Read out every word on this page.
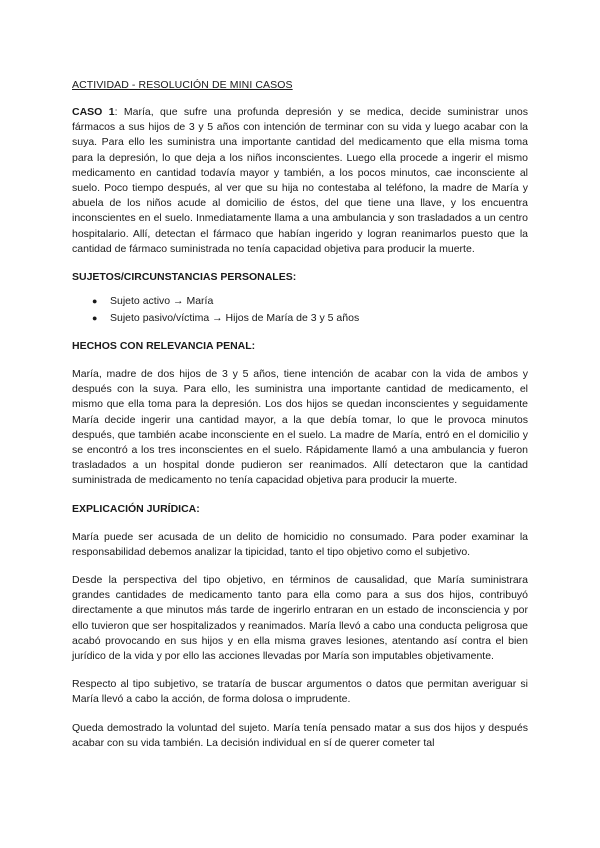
ACTIVIDAD - RESOLUCIÓN DE MINI CASOS

CASO 1: María, que sufre una profunda depresión y se medica, decide suministrar unos fármacos a sus hijos de 3 y 5 años con intención de terminar con su vida y luego acabar con la suya. Para ello les suministra una importante cantidad del medicamento que ella misma toma para la depresión, lo que deja a los niños inconscientes. Luego ella procede a ingerir el mismo medicamento en cantidad todavía mayor y también, a los pocos minutos, cae inconsciente al suelo. Poco tiempo después, al ver que su hija no contestaba al teléfono, la madre de María y abuela de los niños acude al domicilio de éstos, del que tiene una llave, y los encuentra inconscientes en el suelo. Inmediatamente llama a una ambulancia y son trasladados a un centro hospitalario. Allí, detectan el fármaco que habían ingerido y logran reanimarlos puesto que la cantidad de fármaco suministrada no tenía capacidad objetiva para producir la muerte.

SUJETOS/CIRCUNSTANCIAS PERSONALES:
● Sujeto activo → María
● Sujeto pasivo/víctima → Hijos de María de 3 y 5 años
HECHOS CON RELEVANCIA PENAL:

María, madre de dos hijos de 3 y 5 años, tiene intención de acabar con la vida de ambos y después con la suya. Para ello, les suministra una importante cantidad de medicamento, el mismo que ella toma para la depresión. Los dos hijos se quedan inconscientes y seguidamente María decide ingerir una cantidad mayor, a la que debía tomar, lo que le provoca minutos después, que también acabe inconsciente en el suelo. La madre de María, entró en el domicilio y se encontró a los tres inconscientes en el suelo. Rápidamente llamó a una ambulancia y fueron trasladados a un hospital donde pudieron ser reanimados. Allí detectaron que la cantidad suministrada de medicamento no tenía capacidad objetiva para producir la muerte.

EXPLICACIÓN JURÍDICA:

María puede ser acusada de un delito de homicidio no consumado. Para poder examinar la responsabilidad debemos analizar la tipicidad, tanto el tipo objetivo como el subjetivo.

Desde la perspectiva del tipo objetivo, en términos de causalidad, que María suministrara grandes cantidades de medicamento tanto para ella como para a sus dos hijos, contribuyó directamente a que minutos más tarde de ingerirlo entraran en un estado de inconsciencia y por ello tuvieron que ser hospitalizados y reanimados. María llevó a cabo una conducta peligrosa que acabó provocando en sus hijos y en ella misma graves lesiones, atentando así contra el bien jurídico de la vida y por ello las acciones llevadas por María son imputables objetivamente.

Respecto al tipo subjetivo, se trataría de buscar argumentos o datos que permitan averiguar si María llevó a cabo la acción, de forma dolosa o imprudente.

Queda demostrado la voluntad del sujeto. María tenía pensado matar a sus dos hijos y después acabar con su vida también. La decisión individual en sí de querer cometer tal
